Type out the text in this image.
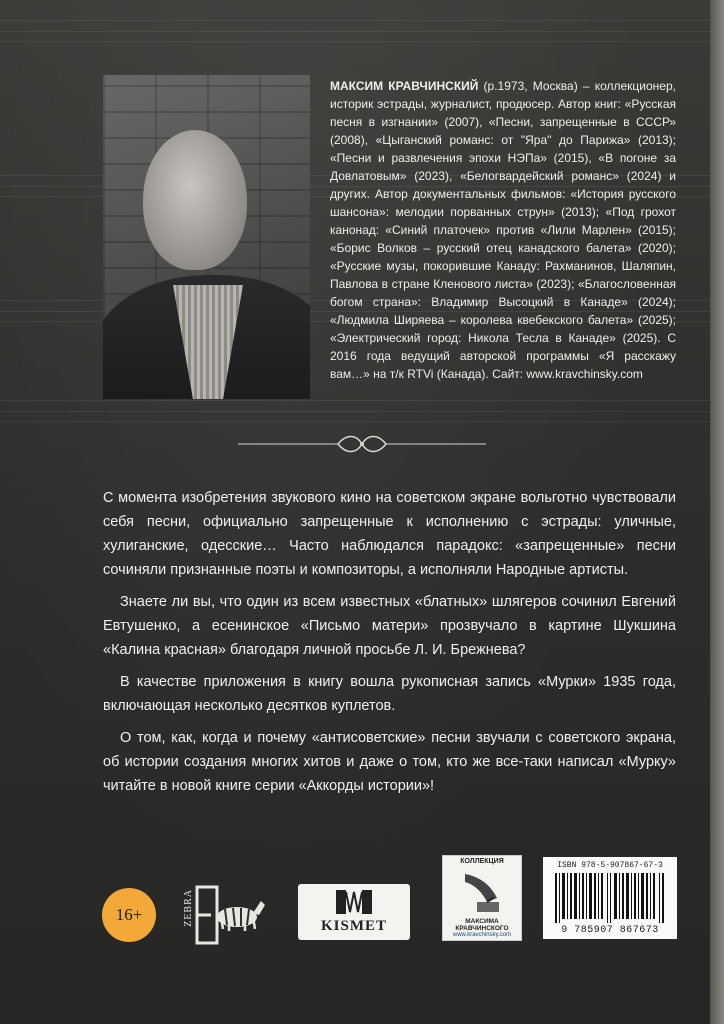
МАКСИМ КРАВЧИНСКИЙ (р.1973, Москва) – коллекционер, историк эстрады, журналист, продюсер. Автор книг: «Русская песня в изгнании» (2007), «Песни, запрещенные в СССР» (2008), «Цыганский романс: от "Яра" до Парижа» (2013); «Песни и развлечения эпохи НЭПа» (2015), «В погоне за Довлатовым» (2023), «Белогвардейский романс» (2024) и других. Автор документальных фильмов: «История русского шансона»: мелодии порванных струн» (2013); «Под грохот канонад: «Синий платочек» против «Лили Марлен» (2015); «Борис Волков – русский отец канадского балета» (2020); «Русские музы, покорившие Канаду: Рахманинов, Шаляпин, Павлова в стране Кленового листа» (2023); «Благословенная богом страна»: Владимир Высоцкий в Канаде» (2024); «Людмила Ширяева – королева квебекского балета» (2025); «Электрический город: Никола Тесла в Канаде» (2025). С 2016 года ведущий авторской программы «Я расскажу вам…» на т/к RTVi (Канада). Сайт: www.kravchinsky.com

С момента изобретения звукового кино на советском экране вольготно чувствовали себя песни, официально запрещенные к исполнению с эстрады: уличные, хулиганские, одесские… Часто наблюдался парадокс: «запрещенные» песни сочиняли признанные поэты и композиторы, а исполняли Народные артисты.

Знаете ли вы, что один из всем известных «блатных» шлягеров сочинил Евгений Евтушенко, а есенинское «Письмо матери» прозвучало в картине Шукшина «Калина красная» благодаря личной просьбе Л. И. Брежнева?

В качестве приложения в книгу вошла рукописная запись «Мурки» 1935 года, включающая несколько десятков куплетов.

О том, как, когда и почему «антисоветские» песни звучали с советского экрана, об истории создания многих хитов и даже о том, кто же все-таки написал «Мурку» читайте в новой книге серии «Аккорды истории»!

16+	ZEBRA	KISMET
КОЛЛЕКЦИЯ
МАКСИМА КРАВЧИНСКОГО
www.kravchinsky.com
ISBN 978-5-907867-67-3
9 785907 867673
